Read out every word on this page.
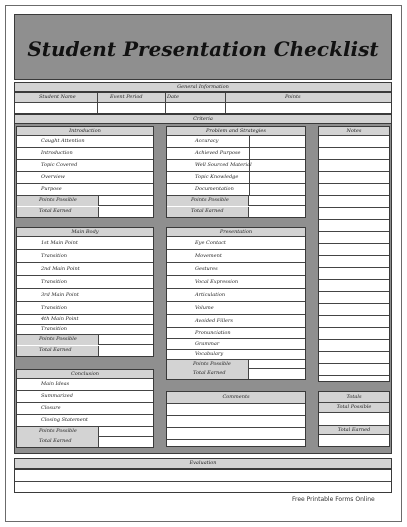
Student Presentation Checklist
General Information
Student Name	Event Period	Date	Points
Criteria
Introduction
Caught Attention
Introduction
Topic Covered
Overview
Purpose
Points Possible
Total Earned
Problem and Strategies
Accuracy
Achieved Purpose
Well Sourced Material
Topic Knowledge
Documentation
Points Possible
Total Earned
Notes
Main Body
1st Main Point
Transition
2nd Main Point
Transition
3rd Main Point
Transition
4th Main Point
Transition
Points Possible
Total Earned
Presentation
Eye Contact
Movement
Gestures
Vocal Expression
Articulation
Volume
Avoided Fillers
Pronunciation
Grammar
Vocabulary
Points Possible
Total Earned
Conclusion
Main Ideas
Summarized
Closure
Closing Statement
Points Possible
Total Earned
Comments	Totals
Total Possible
Total Earned
Evaluation
Free Printable Forms Online
